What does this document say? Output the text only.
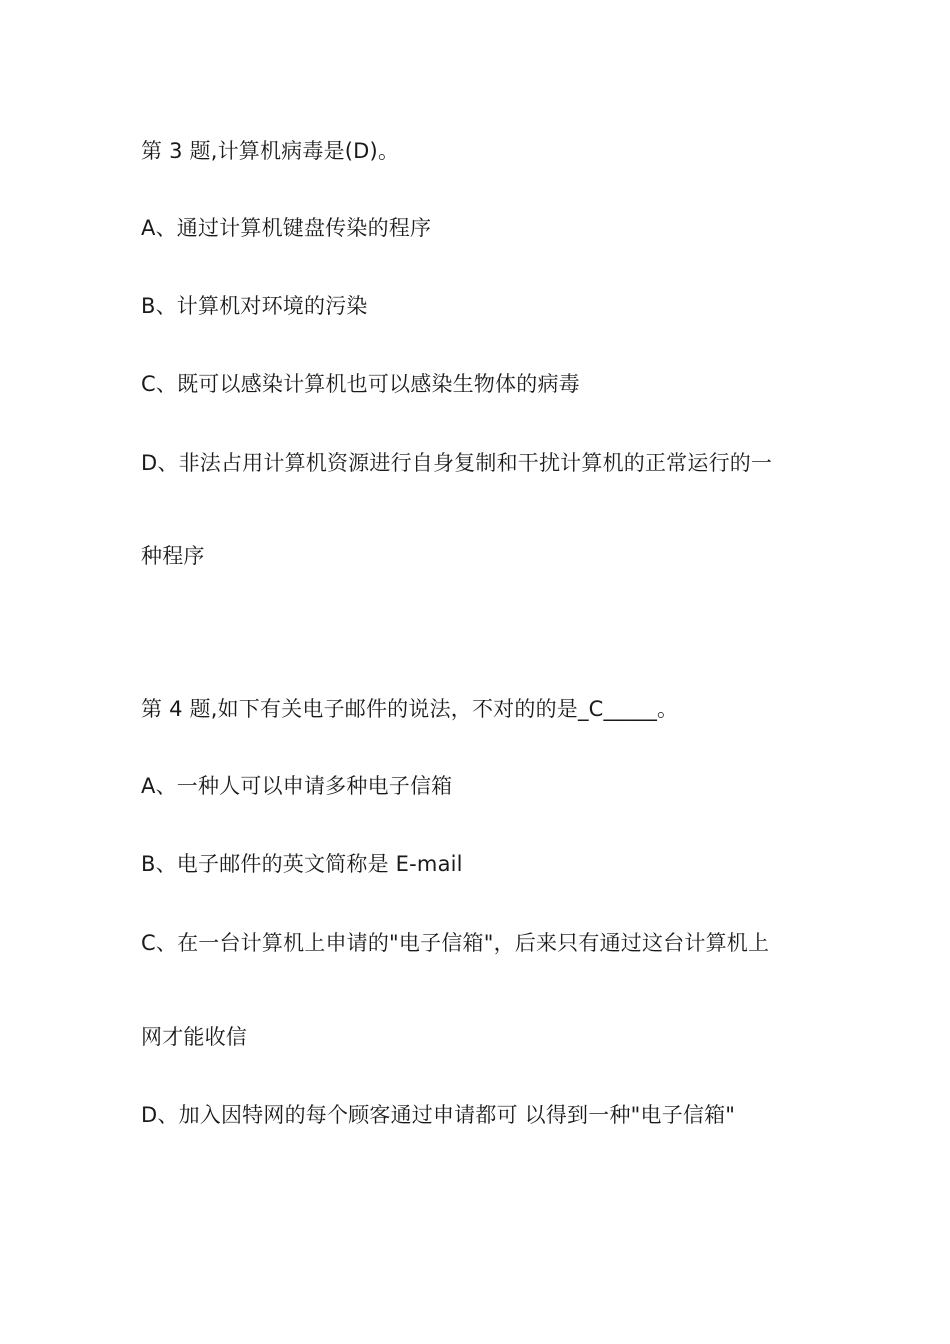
第 3 题,计算机病毒是(D)。
A、通过计算机键盘传染的程序
B、计算机对环境的污染
C、既可以感染计算机也可以感染生物体的病毒
D、非法占用计算机资源进行自身复制和干扰计算机的正常运行的一
种程序
第 4 题,如下有关电子邮件的说法，不对的的是_C_____。
A、一种人可以申请多种电子信箱
B、电子邮件的英文简称是 E-mail
C、在一台计算机上申请的"电子信箱"，后来只有通过这台计算机上
网才能收信
D、加入因特网的每个顾客通过申请都可 以得到一种"电子信箱"
